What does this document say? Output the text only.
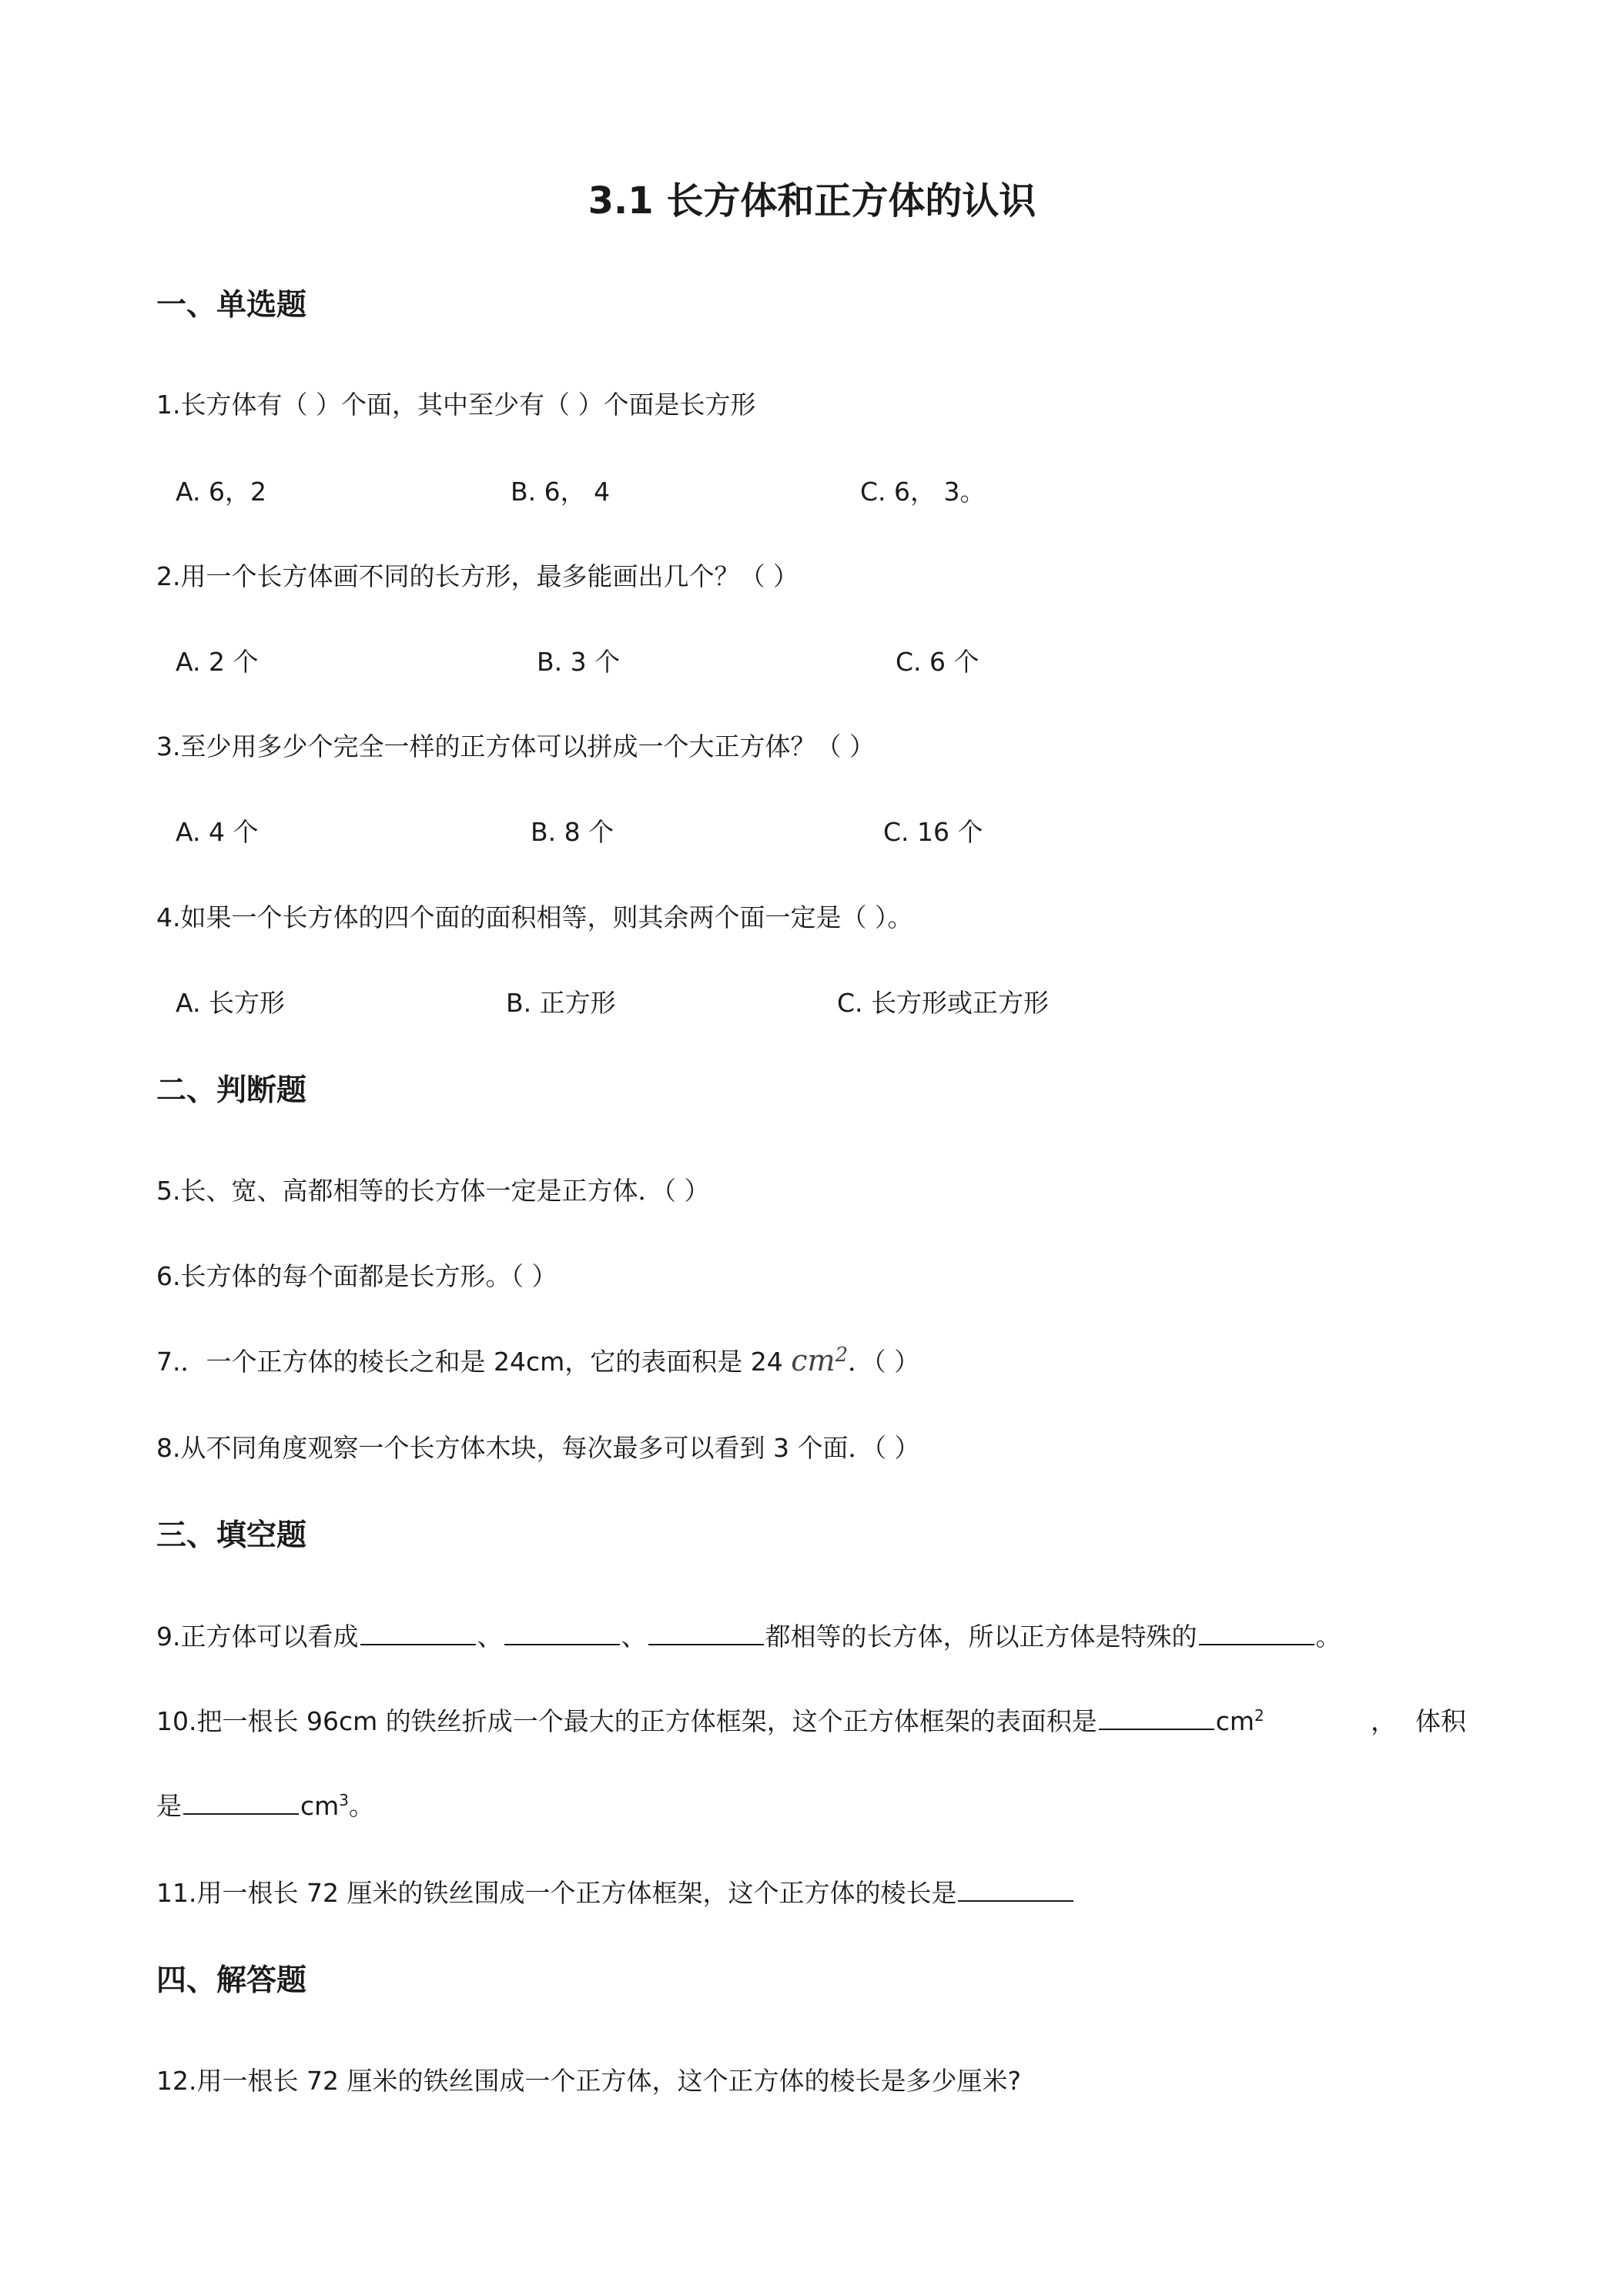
3.1 长方体和正方体的认识
一、单选题
1.长方体有（ ）个面，其中至少有（ ）个面是长方形
A. 6，2	B. 6， 4	C. 6， 3。
2.用一个长方体画不同的长方形，最多能画出几个？（ ）
A. 2 个	B. 3 个	C. 6 个
3.至少用多少个完全一样的正方体可以拼成一个大正方体？（ ）
A. 4 个	B. 8 个	C. 16 个
4.如果一个长方体的四个面的面积相等，则其余两个面一定是（ ）。
A. 长方形	B. 正方形	C. 长方形或正方形
二、判断题
5.长、宽、高都相等的长方体一定是正方体．（ ）
6.长方体的每个面都是长方形。（ ）
7.．一个正方体的棱长之和是 24cm，它的表面积是 24 $cm^2$．（ ）
8.从不同角度观察一个长方体木块，每次最多可以看到 3 个面．（ ）
三、填空题
9.正方体可以看成	、	、	都相等的长方体，所以正方体是特殊的	。
10.把一根长 96cm 的铁丝折成一个最大的正方体框架，这个正方体框架的表面积是	$cm^2$	， 体积
是	$cm^3$。
11.用一根长 72 厘米的铁丝围成一个正方体框架，这个正方体的棱长是
四、解答题
12.用一根长 72 厘米的铁丝围成一个正方体，这个正方体的棱长是多少厘米?
